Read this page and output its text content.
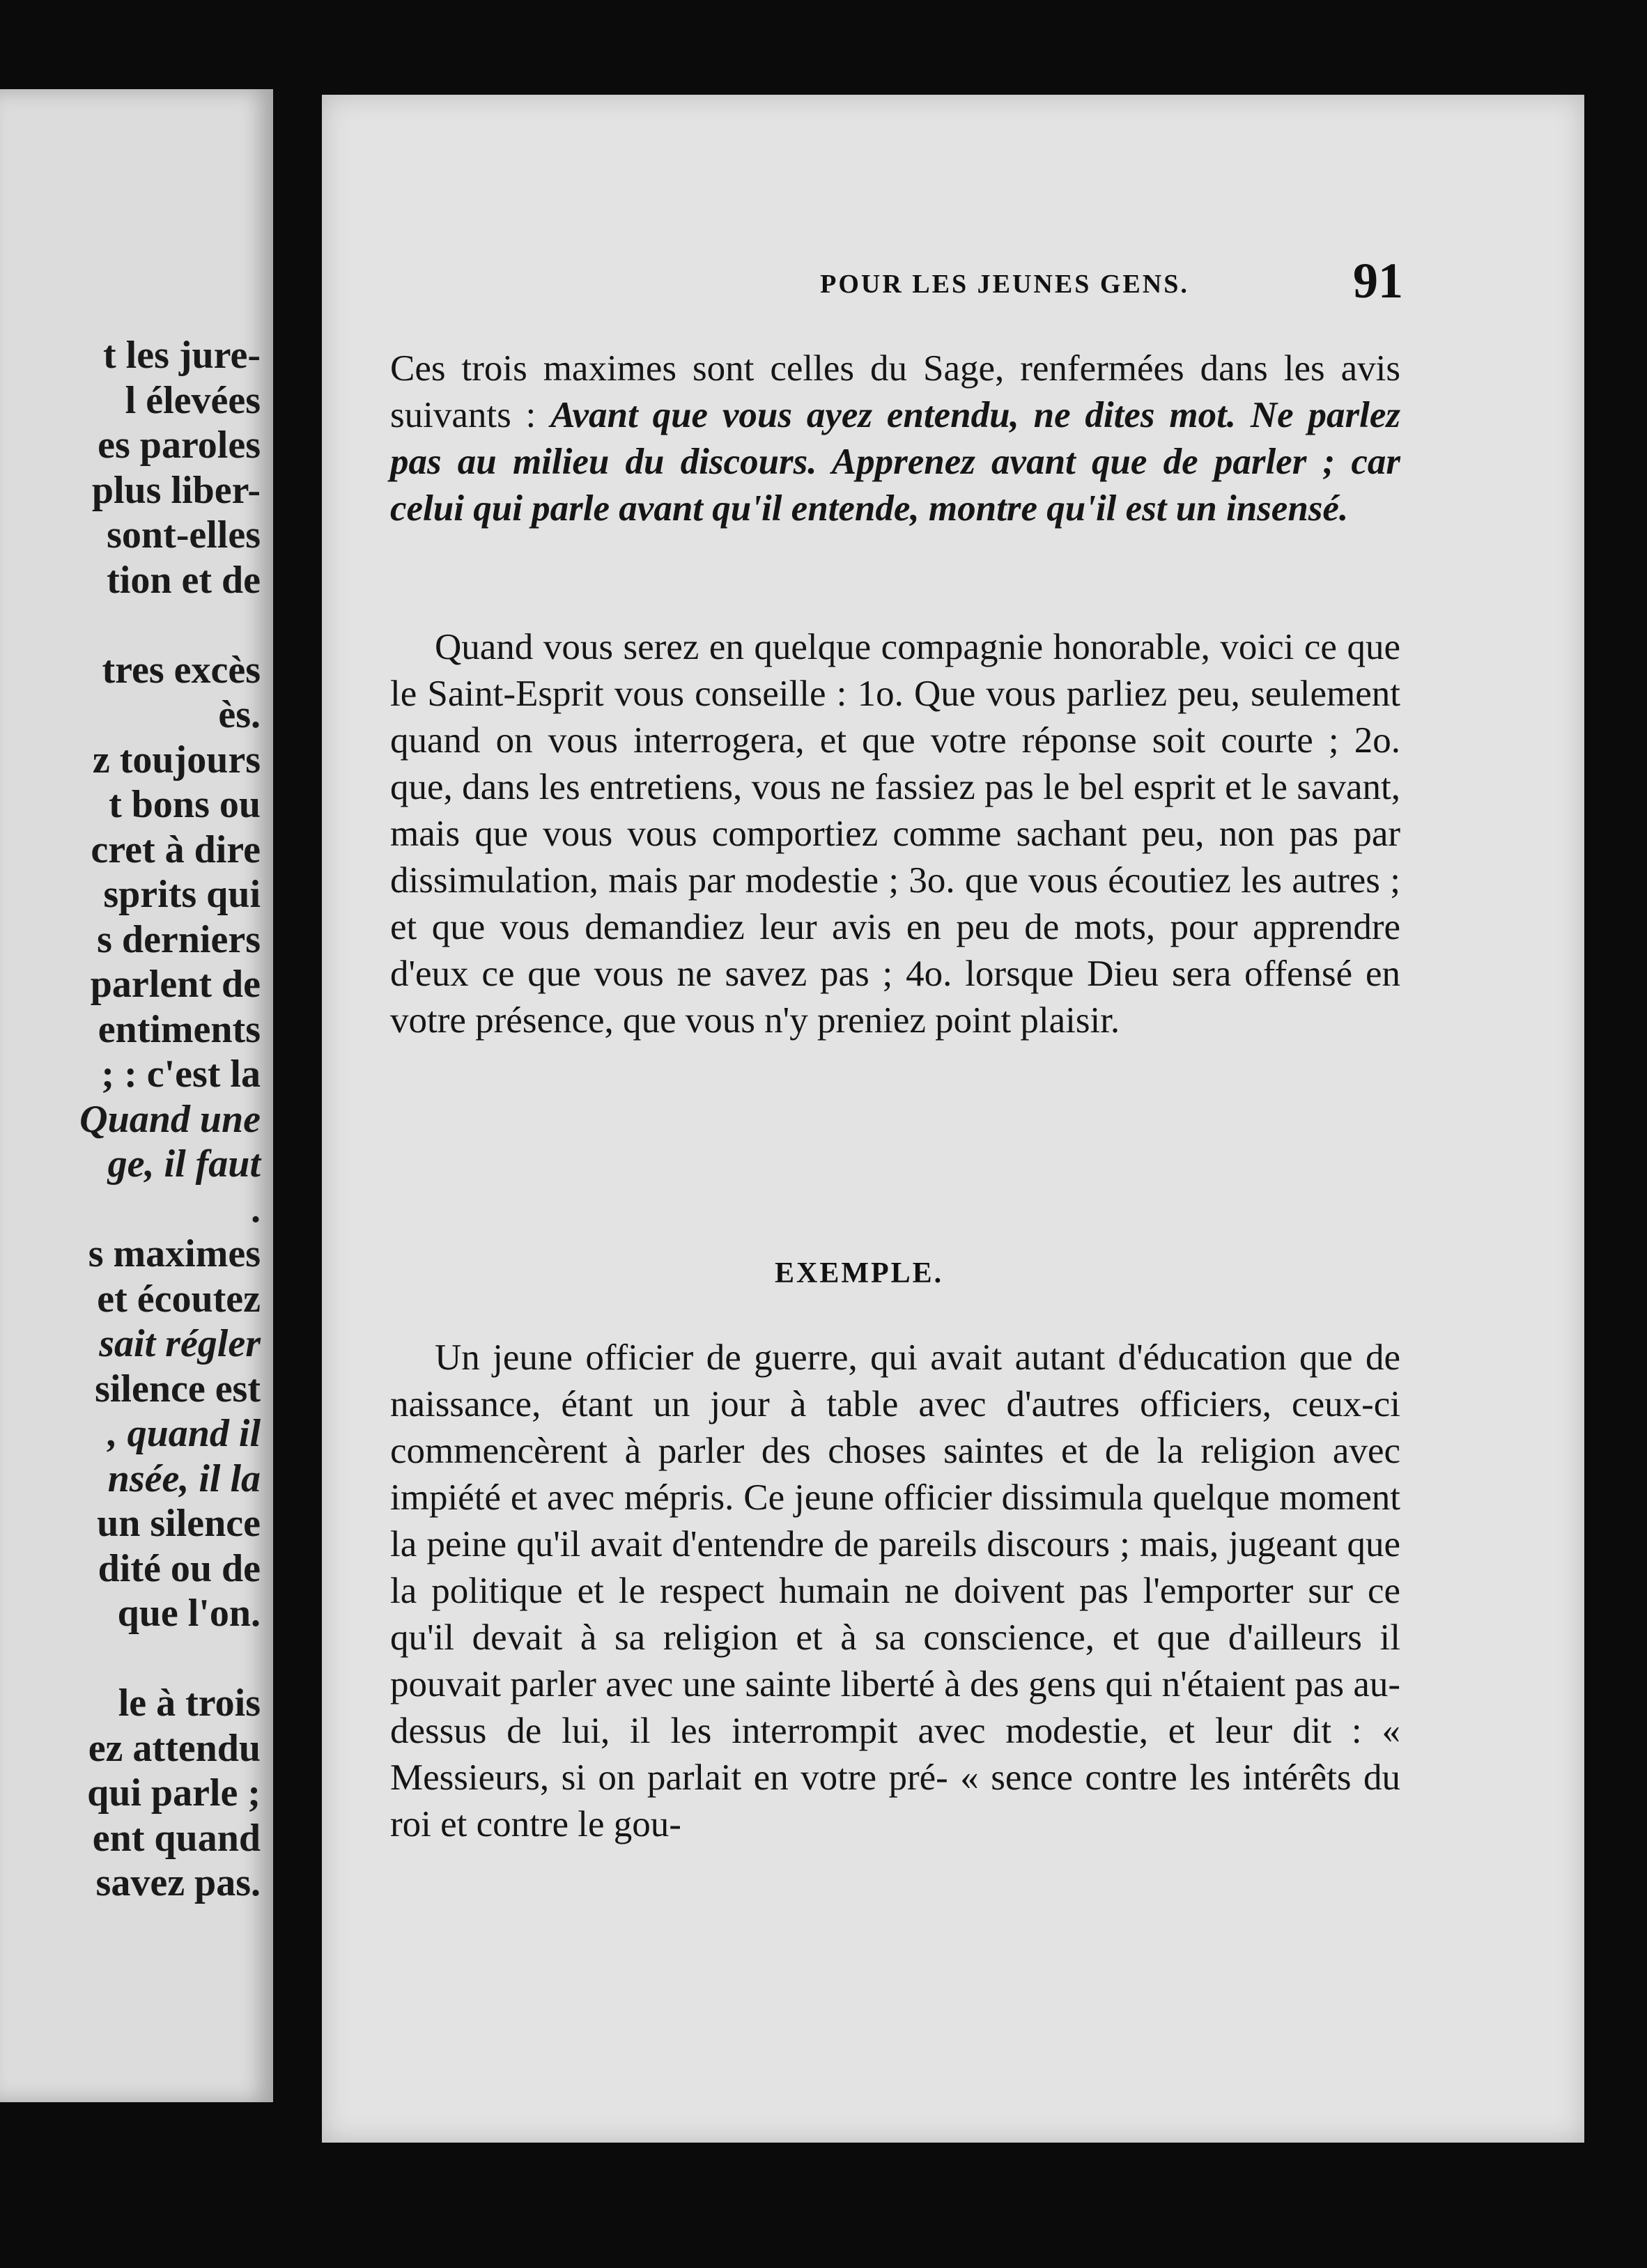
t les jure-
l élevées
es paroles
plus liber-
sont-elles
tion et de
tres excès
ès.
z toujours
t bons ou
cret à dire
sprits qui
s derniers
parlent de
entiments
; : c'est la
Quand une
ge, il faut
.
s maximes
et écoutez
sait régler
silence est
, quand il
nsée, il la
un silence
dité ou de
que l'on.
le à trois
ez attendu
qui parle ;
ent quand
savez pas.
POUR LES JEUNES GENS.	91

Ces trois maximes sont celles du Sage, renfermées dans les avis suivants : Avant que vous ayez entendu, ne dites mot. Ne parlez pas au milieu du discours. Apprenez avant que de parler ; car celui qui parle avant qu'il entende, montre qu'il est un insensé.

Quand vous serez en quelque compagnie honorable, voici ce que le Saint-Esprit vous conseille : 1o. Que vous parliez peu, seulement quand on vous interrogera, et que votre réponse soit courte ; 2o. que, dans les entretiens, vous ne fassiez pas le bel esprit et le savant, mais que vous vous comportiez comme sachant peu, non pas par dissimulation, mais par modestie ; 3o. que vous écoutiez les autres ; et que vous demandiez leur avis en peu de mots, pour apprendre d'eux ce que vous ne savez pas ; 4o. lorsque Dieu sera offensé en votre présence, que vous n'y preniez point plaisir.

EXEMPLE.

Un jeune officier de guerre, qui avait autant d'éducation que de naissance, étant un jour à table avec d'autres officiers, ceux-ci commencèrent à parler des choses saintes et de la religion avec impiété et avec mépris. Ce jeune officier dissimula quelque moment la peine qu'il avait d'entendre de pareils discours ; mais, jugeant que la politique et le respect humain ne doivent pas l'emporter sur ce qu'il devait à sa religion et à sa conscience, et que d'ailleurs il pouvait parler avec une sainte liberté à des gens qui n'étaient pas au-dessus de lui, il les interrompit avec modestie, et leur dit : « Messieurs, si on parlait en votre pré- « sence contre les intérêts du roi et contre le gou-
